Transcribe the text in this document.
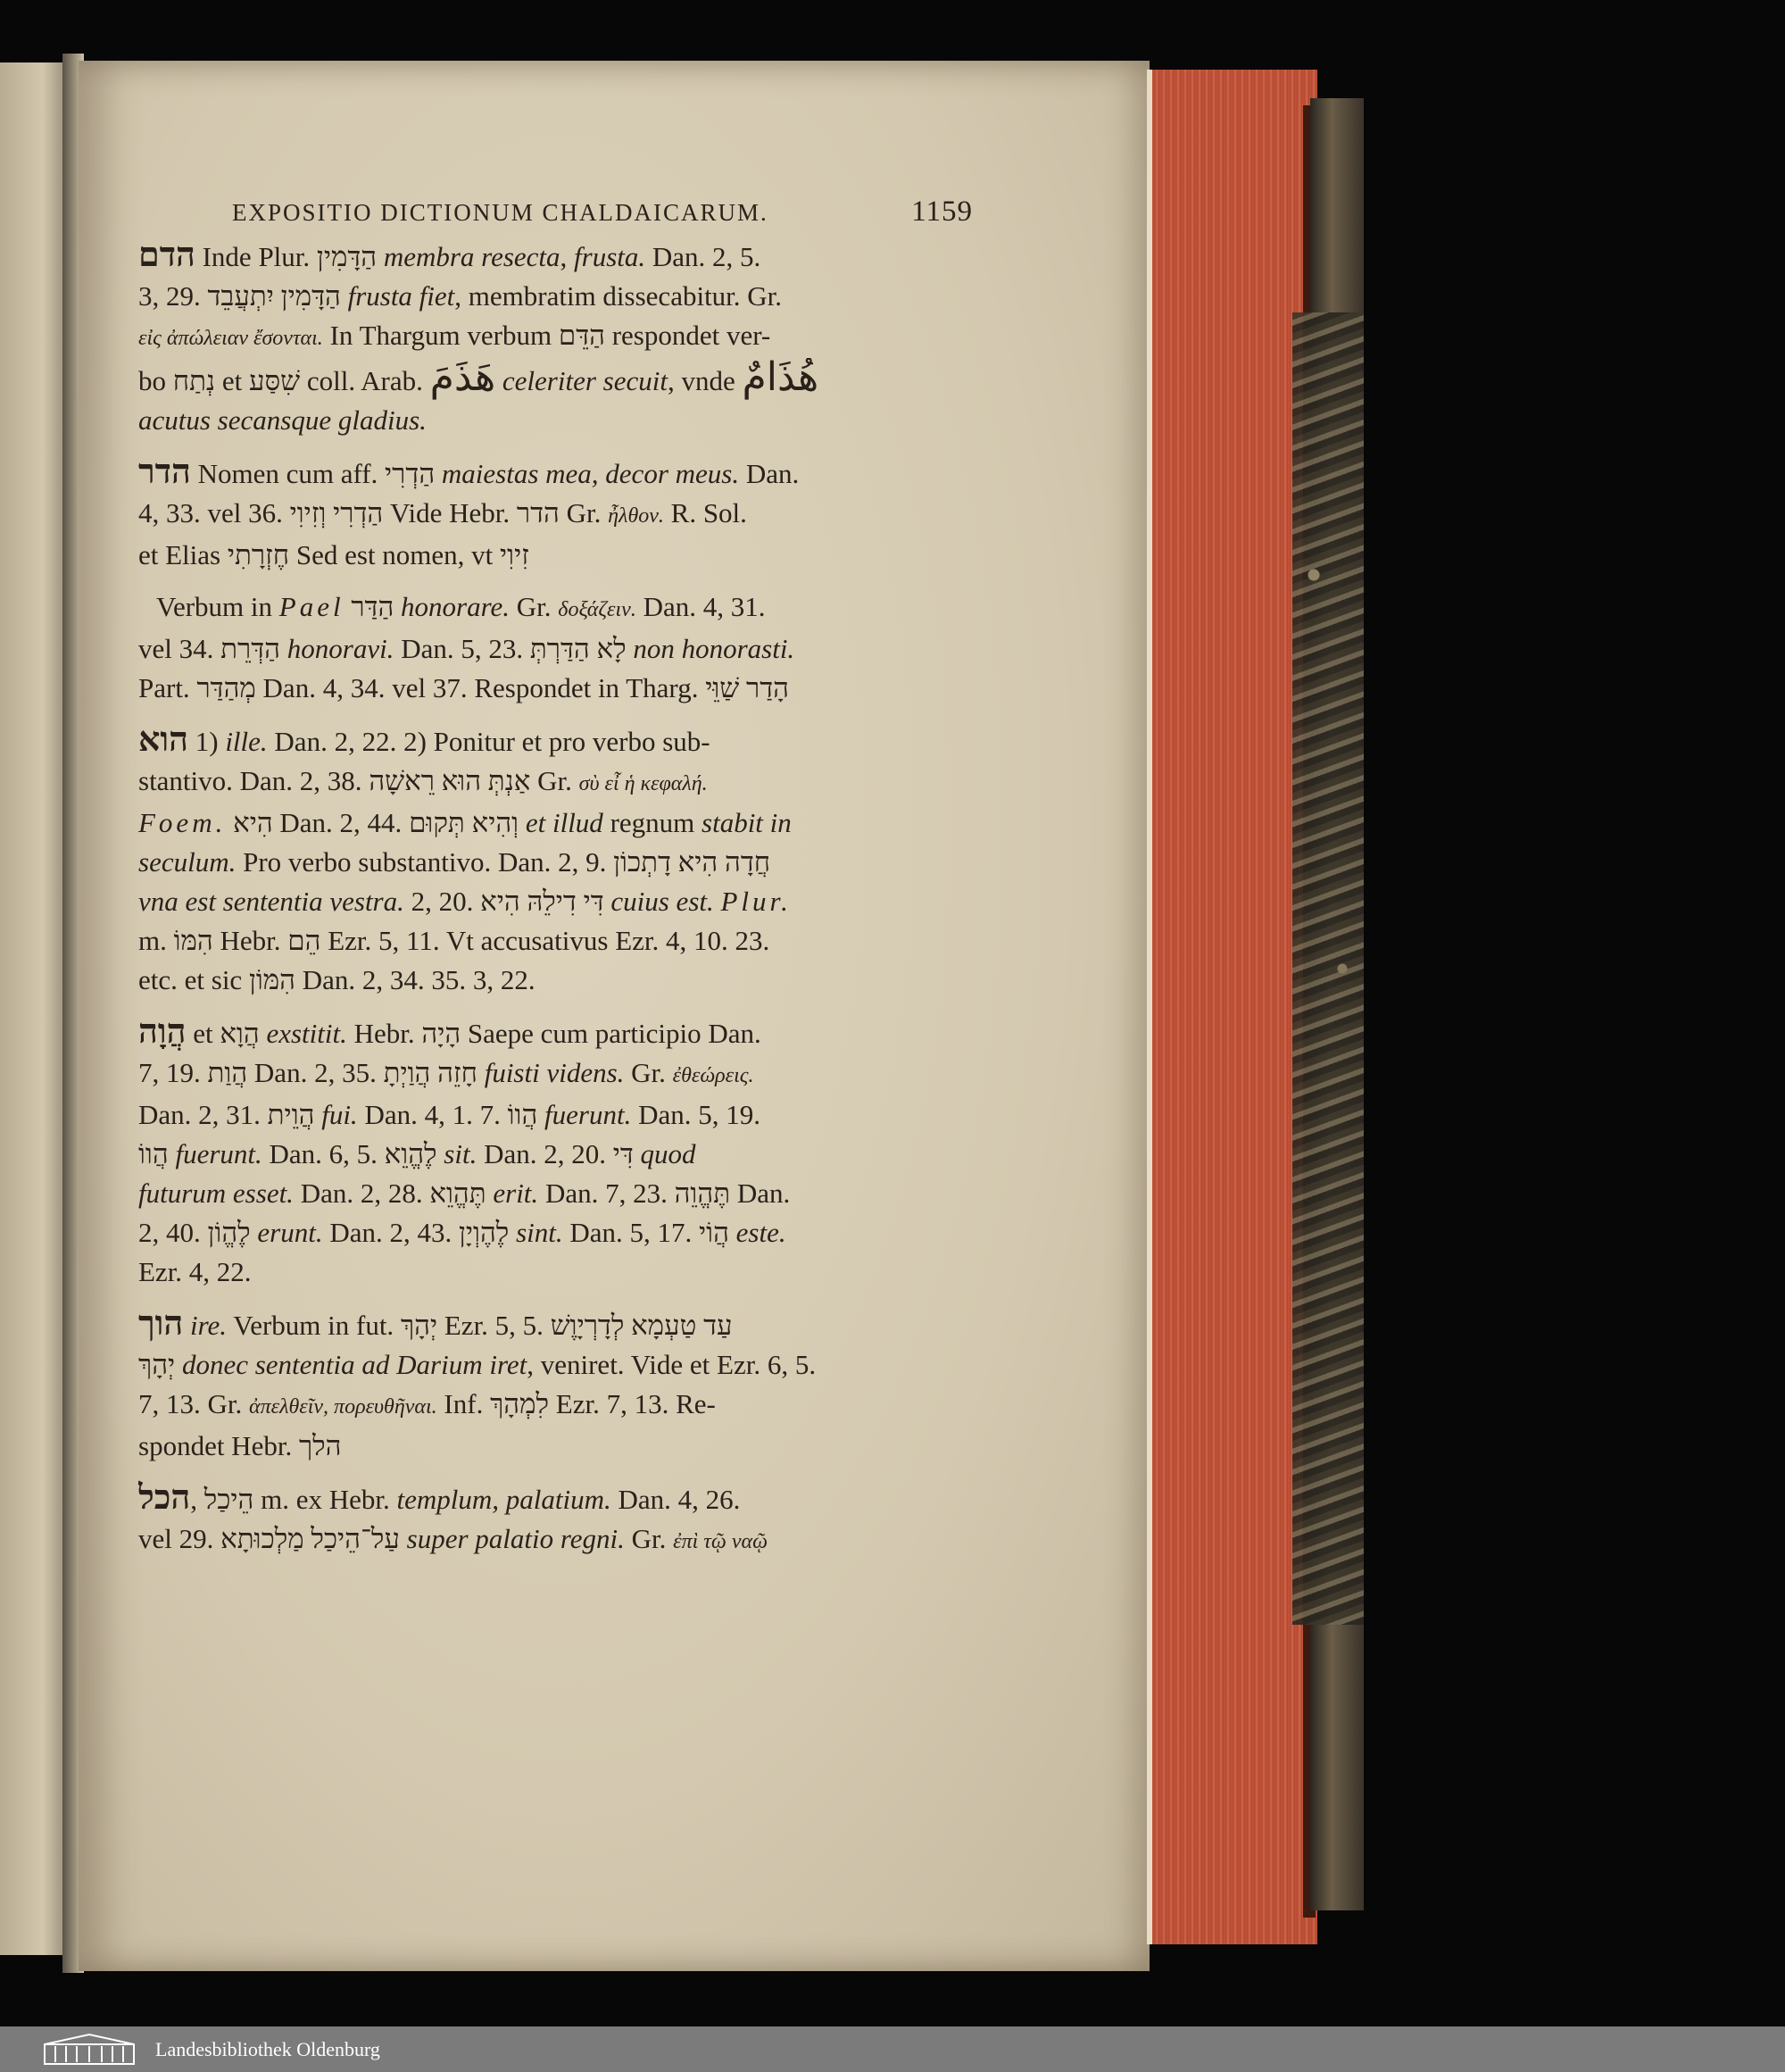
EXPOSITIO DICTIONUM CHALDAICARUM.	1159
הדם Inde Plur. הַדָּמִין membra resecta, frusta. Dan. 2, 5.
3, 29. הַדָּמִין יִתְעֲבֵד frusta fiet, membratim dissecabitur. Gr.
εἰς ἀπώλειαν ἔσονται. In Thargum verbum הַדֵּם respondet ver-
bo נְתַח et שִׁסַּע coll. Arab. هَذَمَ celeriter secuit, vnde هُذَامٌ
acutus secansque gladius.
הדר Nomen cum aff. הַדְרִי maiestas mea, decor meus. Dan.
4, 33. vel 36. הַדְרִי וְזִיוִי Vide Hebr. הדר Gr. ἦλθον. R. Sol.
et Elias חֶזְרָתִי Sed est nomen, vt זִיוִי
Verbum in Pael הַדַּר honorare. Gr. δοξάζειν. Dan. 4, 31.
vel 34. הַדְּרֵת honoravi. Dan. 5, 23. לָא הַדַּרְתְּ non honorasti.
Part. מְהַדַּר Dan. 4, 34. vel 37. Respondet in Tharg. הָדַר שַׁוֵּי
הוא 1) ille. Dan. 2, 22. 2) Ponitur et pro verbo sub-
stantivo. Dan. 2, 38. אַנְתְּ הוּא רֵאשָׁה Gr. σὺ εἶ ἡ κεφαλή.
Foem. הִיא Dan. 2, 44. וְהִיא תְּקוּם et illud regnum stabit in
seculum. Pro verbo substantivo. Dan. 2, 9. חֲדָה הִיא דָתְכוֹן
vna est sententia vestra. 2, 20. דִּי דִילֵהּ הִיא cuius est. Plur.
m. הִמּוֹ Hebr. הֵם Ezr. 5, 11. Vt accusativus Ezr. 4, 10. 23.
etc. et sic הִמּוֹן Dan. 2, 34. 35. 3, 22.
הֲוָה et הֲוָא exstitit. Hebr. הָיָה Saepe cum participio Dan.
7, 19. הֲוַת Dan. 2, 35. חָזֵה הֲוַיְתָ fuisti videns. Gr. ἐθεώρεις.
Dan. 2, 31. הֲוֵית fui. Dan. 4, 1. 7. הֲווֹ fuerunt. Dan. 5, 19.
הֲווֹ fuerunt. Dan. 6, 5. לֶהֱוֵא sit. Dan. 2, 20. דִּי quod
futurum esset. Dan. 2, 28. תֶּהֱוֵא erit. Dan. 7, 23. תֶּהֱוֵה Dan.
2, 40. לֶהֱוֹן erunt. Dan. 2, 43. לֶהֶוְיָן sint. Dan. 5, 17. הֲוֹי este.
Ezr. 4, 22.
הוך ire. Verbum in fut. יְהָךְ Ezr. 5, 5. עַד טַעְמָא לְדָרְיָוֶשׁ
יְהָךְ donec sententia ad Darium iret, veniret. Vide et Ezr. 6, 5.
7, 13. Gr. ἀπελθεῖν, πορευθῆναι. Inf. לִמְהָךְ Ezr. 7, 13. Re-
spondet Hebr. הלך
הכל, הֵיכַל m. ex Hebr. templum, palatium. Dan. 4, 26.
vel 29. עַל־הֵיכַל מַלְכוּתָא super palatio regni. Gr. ἐπὶ τῷ ναῷ
Landesbibliothek Oldenburg
